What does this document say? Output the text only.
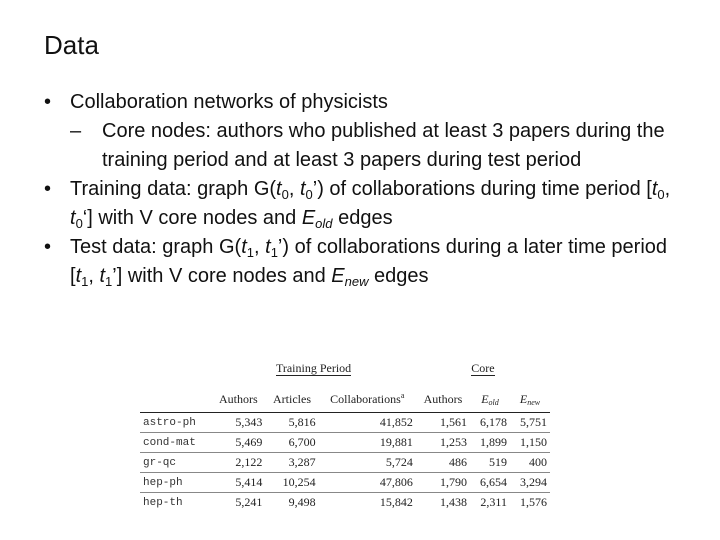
Data
• Collaboration networks of physicists
– Core nodes: authors who published at least 3 papers during the training period and at least 3 papers during test period
• Training data: graph $G(t_0$, $t_0$’) of collaborations during time period [$t_0$, $t_0‘$] with V core nodes and $E_{old}$ edges
• Test data: graph $G(t_1$, $t_1$’) of collaborations during a later time period [$t_1$, $t_1$’] with V core nodes and $E_{new}$ edges
	Training Period			Core		
	Authors	Articles	Collaborations$^a$	Authors	$E_{old}$	$E_{new}$
astro-ph	5,343	5,816	41,852	1,561	6,178	5,751
cond-mat	5,469	6,700	19,881	1,253	1,899	1,150
gr-qc	2,122	3,287	5,724	486	519	400
hep-ph	5,414	10,254	47,806	1,790	6,654	3,294
hep-th	5,241	9,498	15,842	1,438	2,311	1,576
